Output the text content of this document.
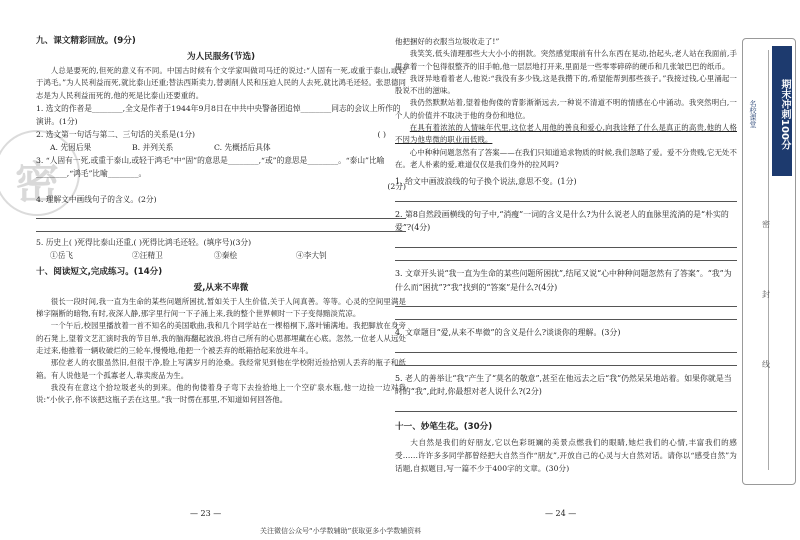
密
九、课文精彩回放。(9分)
为人民服务(节选)

人总是要死的,但死的意义有不同。中国古时候有个文学家叫做司马迁的说过:“人固有一死,或重于泰山,或轻于鸿毛。”为人民利益而死,就比泰山还重;替法西斯卖力,替剥削人民和压迫人民的人去死,就比鸿毛还轻。张思德同志是为人民利益而死的,他的死是比泰山还要重的。

1. 选文的作者是________,全文是作者于1944年9月8日在中共中央警备团追悼________同志的会议上所作的演讲。(1分)

2. 选文第一句话与第二、三句话的关系是(1分)	( )

A. 先因后果	B. 并列关系	C. 先概括后具体

3. “人固有一死,或重于泰山,或轻于鸿毛”中“固”的意思是________,“或”的意思是________。“泰山”比喻________,“鸿毛”比喻________。

(2分)

4. 理解文中画线句子的含义。(2分)

5. 历史上( )死得比泰山还重,( )死得比鸿毛还轻。(填序号)(3分)

①岳飞	②汪精卫	③秦桧	④李大钊
十、阅读短文,完成练习。(14分)
爱,从来不卑微

很长一段时间,我一直为生命的某些问题所困扰,暂如关于人生价值,关于人间真善。等等。心灵的空间里满是梯字隔断的暗物,有时,夜深人静,那字里行间一下子涌上来,我的整个世界顿时一下子变得黯淡荒凉。

一个午后,校园里播放着一首不知名的美国歌曲,我和几个同学站在一棵梧桐下,落叶铺满地。我把脚放在身旁的石凳上,望着文艺汇演时我的节目单,我的脑海翻起波浪,将自己所有的心思都埋藏在心底。忽然,一位老人从远处走过来,他推着一辆收破烂的三轮车,慢慢地,他把一个被丢弃的纸箱拾起来放进车斗。

那位老人的衣服虽然旧,但很干净,脸上写满岁月的沧桑。我经常见到他在学校附近捡拾别人丢弃的瓶子和纸箱。有人说他是一个孤寡老人,靠卖废品为生。

我没有在意这个拾垃圾老头的到来。他的佝偻着身子弯下去捡拾地上一个空矿泉水瓶,他一边捡一边对我说:“小伙子,你不该把这瓶子丢在这里。”我一时愣在那里,不知道如何回答他。

— 23 —

他把捆好的衣服当垃圾收走了!”

我笑笑,低头清理那些大大小小的捐款。突然感觉眼前有什么东西在晃动,抬起头,老人站在我面前,手里拿着一个包得很整齐的旧手帕,他一层层地打开来,里面是一些零零碎碎的硬币和几张皱巴巴的纸币。

我讶异地看着老人,他说:“我没有多少钱,这是我攒下的,希望能帮到那些孩子。”我接过钱,心里涌起一股说不出的滋味。

我仍然默默站着,望着他佝偻的背影渐渐远去,一种说不清道不明的情感在心中涌动。我突然明白,一个人的价值并不取决于他的身份和地位。

在具有着浓浓的人情味年代里,这位老人用他的善良和爱心,向我诠释了什么是真正的高贵,他的人格不因为他卑微的职业而低贱。

心中种种问题忽然有了答案——在我们只知道追求物质的时候,我们忽略了爱。爱不分贵贱,它无处不在。老人朴素的爱,难道仅仅是我们身外的拉风吗?

1. 给文中画波浪线的句子换个说法,意思不变。(1分)

2. 第8自然段画横线的句子中,“消瘦”一词的含义是什么?为什么说老人的血脉里流淌的是“朴实的爱”?(4分)

3. 文章开头说“我一直为生命的某些问题所困扰”,结尾又说“心中种种问题忽然有了答案”。“我”为什么而“困扰”?“我”找到的“答案”是什么?(4分)

4. 文章题目“爱,从来不卑微”的含义是什么?谈谈你的理解。(3分)

5. 老人的善举让“我”产生了“莫名的敬意”,甚至在他远去之后“我”仍然呆呆地站着。如果你就是当时的“我”,此时,你最想对老人说什么?(2分)

十一、妙笔生花。(30分)

大自然是我们的好朋友,它以色彩斑斓的美景点燃我们的眼睛,她烂我们的心情,丰富我们的感受……许许多多同学都曾经把大自然当作“朋友”,开放自己的心灵与大自然对话。请你以“感受自然”为话题,自拟题目,写一篇不少于400字的文章。(30分)

— 24 —
关注微信公众号“小学数辅助”获取更多小学数辅资料
密
封
线
期末冲刺100分
名校课堂
